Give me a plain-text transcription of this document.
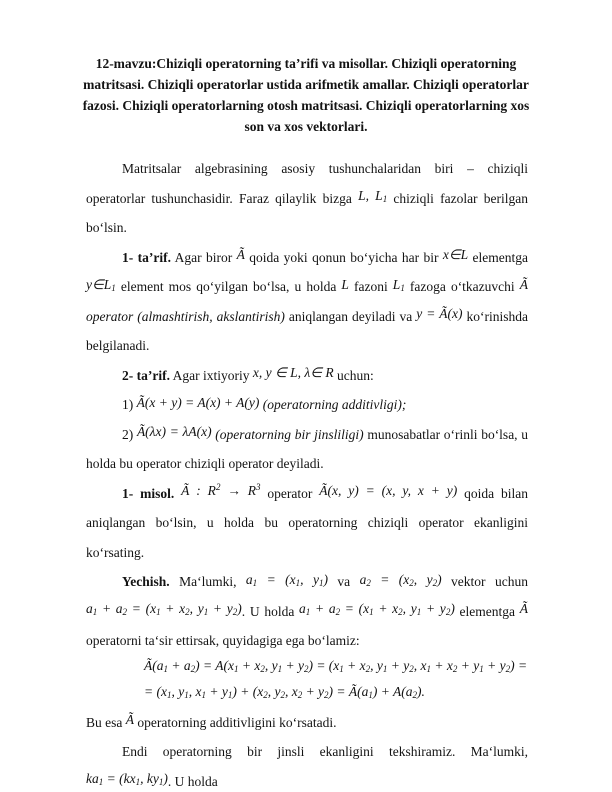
12-mavzu:Chiziqli operatorning ta’rifi va misollar. Chiziqli operatorning
matritsasi. Chiziqli operatorlar ustida arifmetik amallar. Chiziqli operatorlar
fazosi. Chiziqli operatorlarning otosh matritsasi. Chiziqli operatorlarning xos
son va xos vektorlari.

Matritsalar algebrasining asosiy tushunchalaridan biri – chiziqli operatorlar tushunchasidir. Faraz qilaylik bizga L, $L_1$ chiziqli fazolar berilgan bo‘lsin.

1- ta’rif. Agar biror Ã qoida yoki qonun bo‘yicha har bir x∈L elementga $y\in L_1$ element mos qo‘yilgan bo‘lsa, u holda L fazoni $L_1$ fazoga o‘tkazuvchi Ã operator (almashtirish, akslantirish) aniqlangan deyiladi va y = Ã(x) ko‘rinishda belgilanadi.

2- ta’rif. Agar ixtiyoriy x, y ∈ L, λ∈ R uchun:

1) Ã(x + y) = A(x) + A(y) (operatorning additivligi);

2) Ã(λx) = λA(x) (operatorning bir jinsliligi) munosabatlar o‘rinli bo‘lsa, u holda bu operator chiziqli operator deyiladi.

1- misol. Ã : $R^2 \to R^3$ operator Ã(x, y) = (x, y, x + y) qoida bilan aniqlangan bo‘lsin, u holda bu operatorning chiziqli operator ekanligini ko‘rsating.

Yechish. Ma‘lumki, $a_1 = (x_1$, $y_1$) va $a_2 = (x_2$, $y_2$) vektor uchun $a_1 + a_2 = (x_1 + x_2$, $y_1 + y_2$). U holda $a_1 + a_2 = (x_1 + x_2$, $y_1 + y_2$) elementga Ã operatorni ta‘sir ettirsak, quyidagiga ega bo‘lamiz:

$Ã(a_1 + a_2) = A(x_1 + x_2$, $y_1 + y_2) = (x_1 + x_2$, $y_1 + y_2$, $x_1 + x_2 + y_1 + y_2$) =

= ($x_1$, $y_1$, $x_1 + y_1) + (x_2$, $y_2$, $x_2 + y_2$) = $Ã(a_1) + A(a_2)$.

Bu esa Ã operatorning additivligini ko‘rsatadi.

Endi operatorning bir jinsli ekanligini tekshiramiz. Ma‘lumki, $ka_1 = (kx_1$, $ky_1$). U holda
